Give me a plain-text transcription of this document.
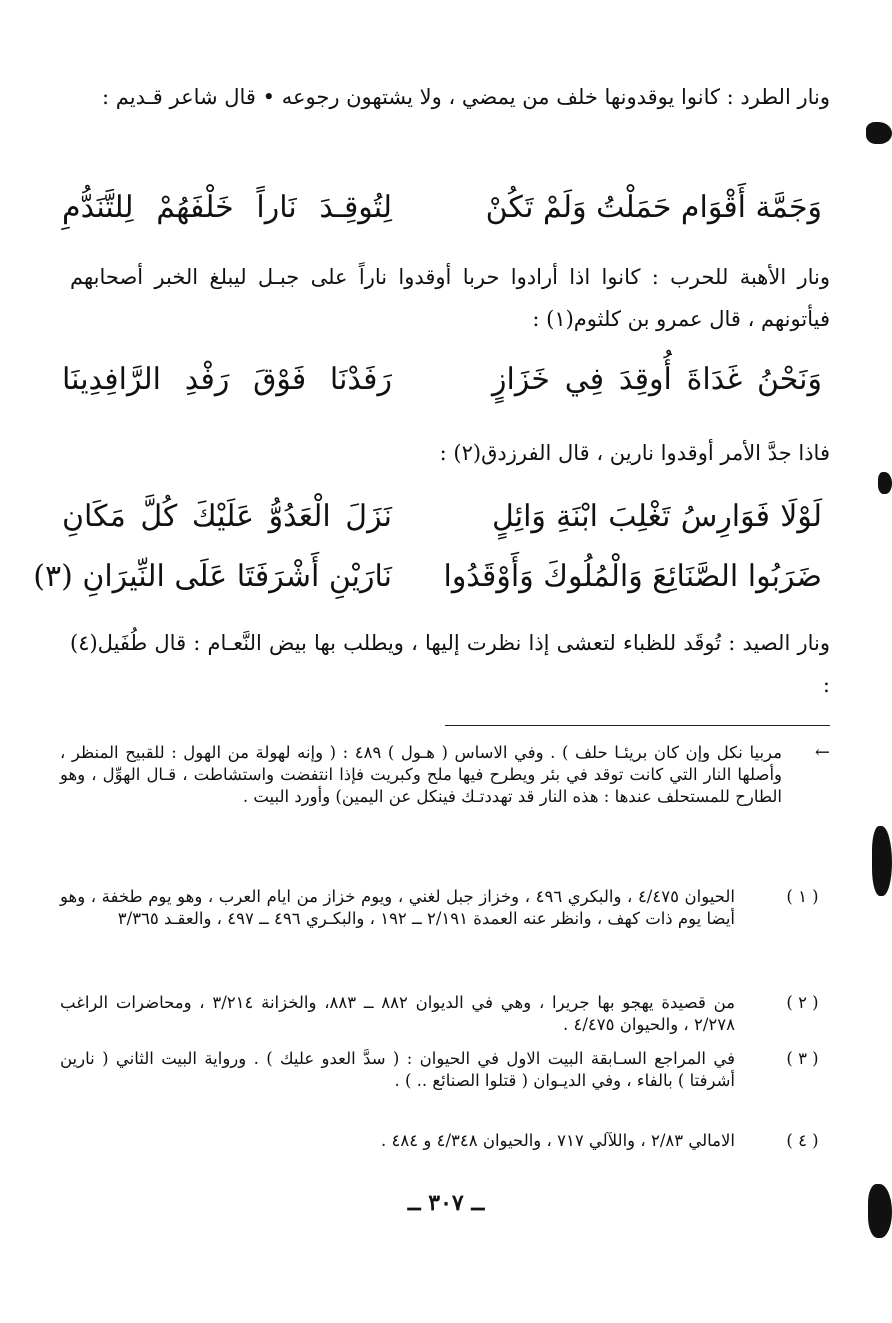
ونار الطرد : كانوا يوقدونها خلف من يمضي ، ولا يشتهون رجوعه • قال شاعر قـديم :
وَجَمَّة أَقْوَام حَمَلْتُ وَلَمْ تَكُنْ
لِتُوقِـدَ نَاراً خَلْفَهُمْ لِلتَّنَدُّمِ
ونار الأهبة للحرب : كانوا اذا أرادوا حربا أوقدوا ناراً على جبـل ليبلغ الخبر أصحابهم فيأتونهم ، قال عمرو بن كلثوم(١) :
وَنَحْنُ غَدَاةَ أُوقِدَ فِي خَزَازٍ
رَفَدْنَا فَوْقَ رَفْدِ الرَّافِدِينَا
فاذا جدَّ الأمر أوقدوا نارين ، قال الفرزدق(٢) :
لَوْلَا فَوَارِسُ تَغْلِبَ ابْنَةِ وَائِلٍ
نَزَلَ الْعَدُوُّ عَلَيْكَ كُلَّ مَكَانِ
ضَرَبُوا الصَّنَائِعَ وَالْمُلُوكَ وَأَوْقَدُوا
نَارَيْنِ أَشْرَفَتَا عَلَى النِّيرَانِ (٣)
ونار الصيد : تُوقَد للظباء لتعشى إذا نظرت إليها ، ويطلب بها بيض النَّعـام : قال طُفَيل(٤) :
←
مربيا نكل وإن كان بريئـا حلف ) . وفي الاساس ( هـول ) ٤٨٩ : ( وإنه لهولة من الهول : للقبيح المنظر ، وأصلها النار التي كانت توقد في بئر ويطرح فيها ملح وكبريت فإذا انتفضت واستشاطت ، قـال الهوِّل ، وهو الطارح للمستحلف عندها : هذه النار قد تهددتـك فينكل عن اليمين) وأورد البيت .
( ١ )
الحيوان ٤/٤٧٥ ، والبكري ٤٩٦ ، وخزاز جبل لغني ، ويوم خزاز من ايام العرب ، وهو يوم طخفة ، وهو أيضا يوم ذات كهف ، وانظر عنه العمدة ٢/١٩١ ــ ١٩٢ ، والبكـري ٤٩٦ ــ ٤٩٧ ، والعقـد ٣/٣٦٥
( ٢ )
من قصيدة يهجو بها جريرا ، وهي في الديوان ٨٨٢ ــ ٨٨٣، والخزانة ٣/٢١٤ ، ومحاضرات الراغب ٢/٢٧٨ ، والحيوان ٤/٤٧٥ .
( ٣ )
في المراجع السـابقة البيت الاول في الحيوان : ( سدَّ العدو عليك ) . ورواية البيت الثاني ( نارين أشرفتا ) بالفاء ، وفي الديـوان ( قتلوا الصنائع .. ) .
( ٤ )
الامالي ٢/٨٣ ، واللآلي ٧١٧ ، والحيوان ٤/٣٤٨ و ٤٨٤ .
ــ ٣٠٧ ــ
